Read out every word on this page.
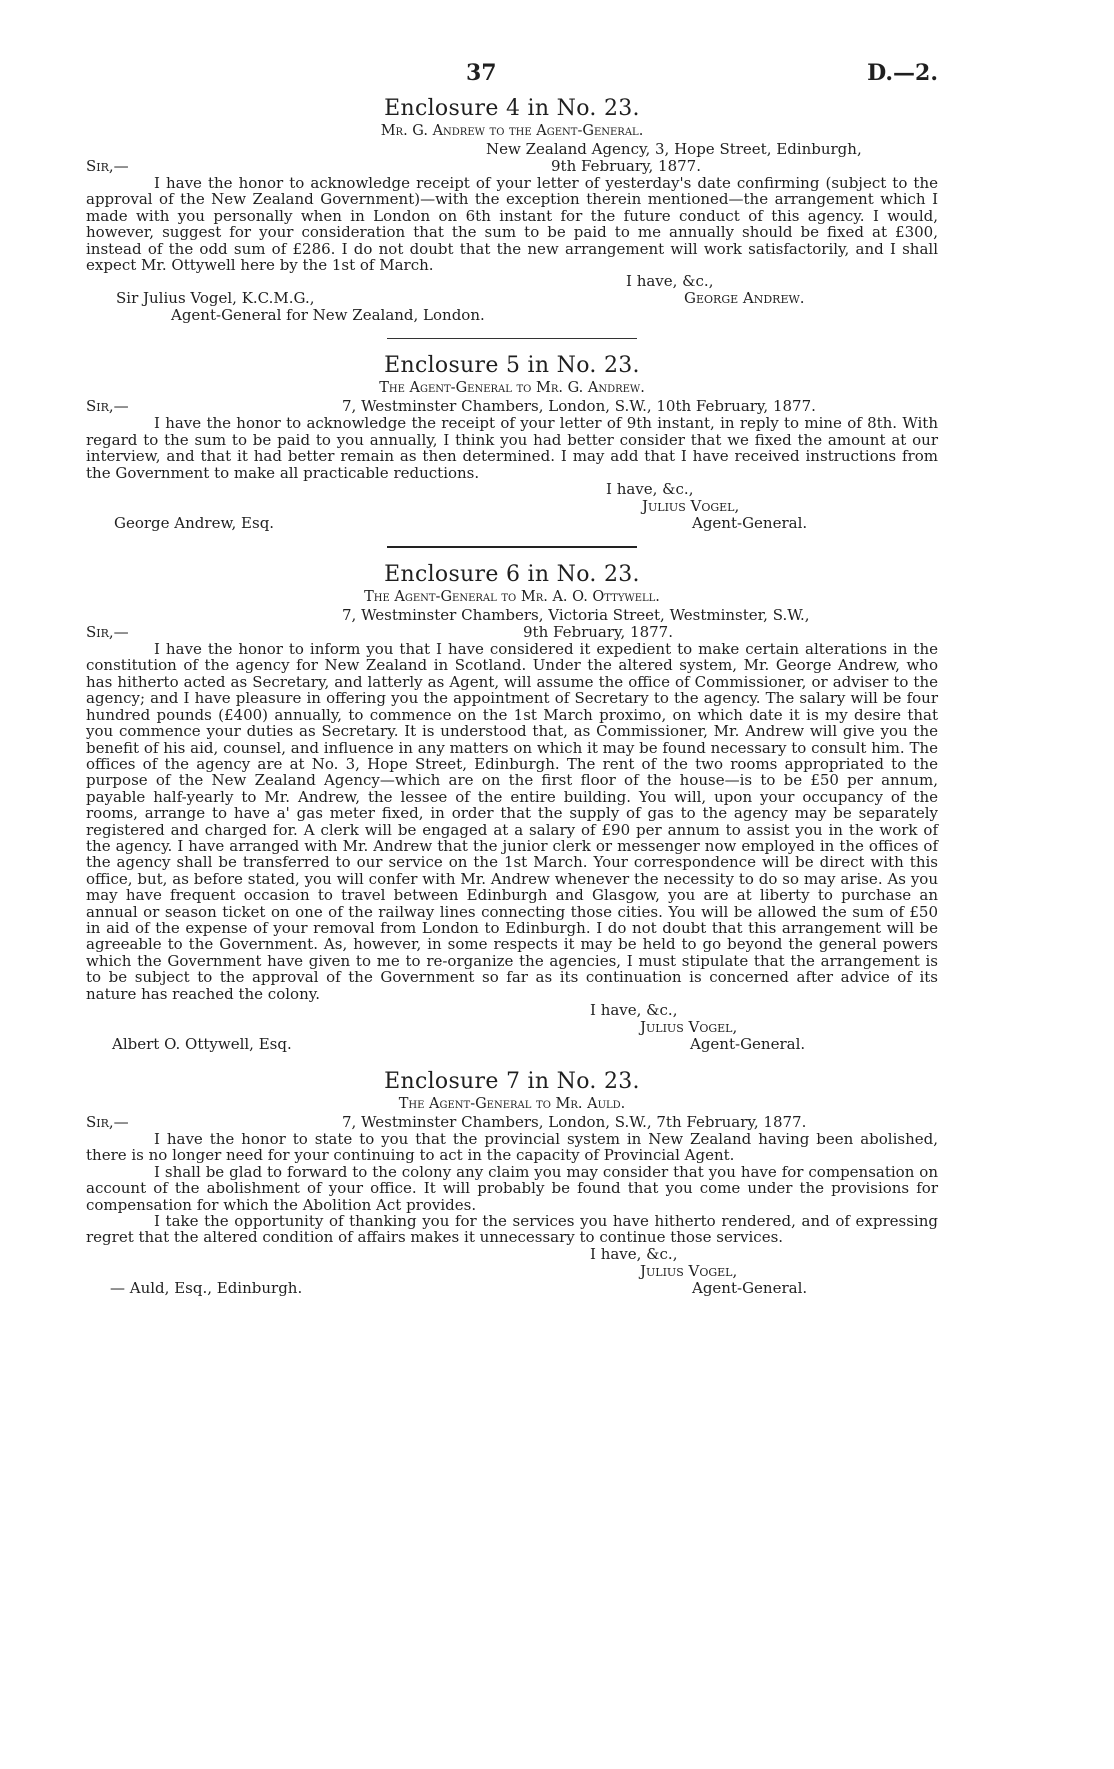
37	D.—2.
Enclosure 4 in No. 23.
Mr. G. Andrew to the Agent-General.
New Zealand Agency, 3, Hope Street, Edinburgh,
Sir,—	9th February, 1877.

I have the honor to acknowledge receipt of your letter of yesterday's date confirming (subject to the approval of the New Zealand Government)—with the exception therein mentioned—the arrangement which I made with you personally when in London on 6th instant for the future conduct of this agency. I would, however, suggest for your consideration that the sum to be paid to me annually should be fixed at £300, instead of the odd sum of £286. I do not doubt that the new arrangement will work satisfactorily, and I shall expect Mr. Ottywell here by the 1st of March.

I have, &c.,
Sir Julius Vogel, K.C.M.G.,	George Andrew.
Agent-General for New Zealand, London.
Enclosure 5 in No. 23.
The Agent-General to Mr. G. Andrew.
Sir,—	7, Westminster Chambers, London, S.W., 10th February, 1877.

I have the honor to acknowledge the receipt of your letter of 9th instant, in reply to mine of 8th. With regard to the sum to be paid to you annually, I think you had better consider that we fixed the amount at our interview, and that it had better remain as then determined. I may add that I have received instructions from the Government to make all practicable reductions.

I have, &c.,
Julius Vogel,
George Andrew, Esq.	Agent-General.
Enclosure 6 in No. 23.
The Agent-General to Mr. A. O. Ottywell.
7, Westminster Chambers, Victoria Street, Westminster, S.W.,
Sir,—	9th February, 1877.

I have the honor to inform you that I have considered it expedient to make certain alterations in the constitution of the agency for New Zealand in Scotland. Under the altered system, Mr. George Andrew, who has hitherto acted as Secretary, and latterly as Agent, will assume the office of Commissioner, or adviser to the agency; and I have pleasure in offering you the appointment of Secretary to the agency. The salary will be four hundred pounds (£400) annually, to commence on the 1st March proximo, on which date it is my desire that you commence your duties as Secretary. It is understood that, as Commissioner, Mr. Andrew will give you the benefit of his aid, counsel, and influence in any matters on which it may be found necessary to consult him. The offices of the agency are at No. 3, Hope Street, Edinburgh. The rent of the two rooms appropriated to the purpose of the New Zealand Agency—which are on the first floor of the house—is to be £50 per annum, payable half-yearly to Mr. Andrew, the lessee of the entire building. You will, upon your occupancy of the rooms, arrange to have a' gas meter fixed, in order that the supply of gas to the agency may be separately registered and charged for. A clerk will be engaged at a salary of £90 per annum to assist you in the work of the agency. I have arranged with Mr. Andrew that the junior clerk or messenger now employed in the offices of the agency shall be transferred to our service on the 1st March. Your correspondence will be direct with this office, but, as before stated, you will confer with Mr. Andrew whenever the necessity to do so may arise. As you may have frequent occasion to travel between Edinburgh and Glasgow, you are at liberty to purchase an annual or season ticket on one of the railway lines connecting those cities. You will be allowed the sum of £50 in aid of the expense of your removal from London to Edinburgh. I do not doubt that this arrangement will be agreeable to the Government. As, however, in some respects it may be held to go beyond the general powers which the Government have given to me to re-organize the agencies, I must stipulate that the arrangement is to be subject to the approval of the Government so far as its continuation is concerned after advice of its nature has reached the colony.

I have, &c.,
Julius Vogel,
Albert O. Ottywell, Esq.	Agent-General.
Enclosure 7 in No. 23.
The Agent-General to Mr. Auld.
Sir,—	7, Westminster Chambers, London, S.W., 7th February, 1877.

I have the honor to state to you that the provincial system in New Zealand having been abolished, there is no longer need for your continuing to act in the capacity of Provincial Agent.

I shall be glad to forward to the colony any claim you may consider that you have for compensation on account of the abolishment of your office. It will probably be found that you come under the provisions for compensation for which the Abolition Act provides.

I take the opportunity of thanking you for the services you have hitherto rendered, and of expressing regret that the altered condition of affairs makes it unnecessary to continue those services.

I have, &c.,
Julius Vogel,
— Auld, Esq., Edinburgh.	Agent-General.
